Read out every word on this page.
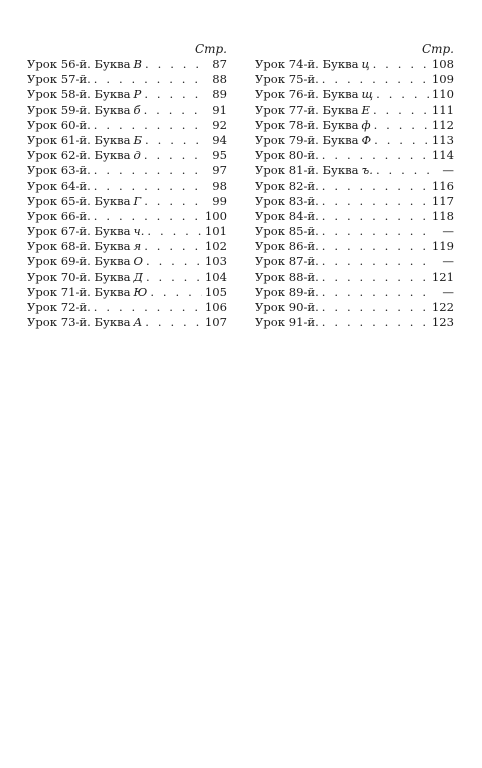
Стр.
Урок 56-й. Буква В . . .	87
Урок 57-й. . . .	88
Урок 58-й. Буква Р . . .	89
Урок 59-й. Буква б . . .	91
Урок 60-й. . . .	92
Урок 61-й. Буква Б . . .	94
Урок 62-й. Буква д . . .	95
Урок 63-й. . . .	97
Урок 64-й. . . .	98
Урок 65-й. Буква Г . . .	99
Урок 66-й. . . .	100
Урок 67-й. Буква ч. . . .	101
Урок 68-й. Буква я . . .	102
Урок 69-й. Буква О . . .	103
Урок 70-й. Буква Д . . .	104
Урок 71-й. Буква Ю . . .	105
Урок 72-й. . . .	106
Урок 73-й. Буква А . . .	107
Стр.
Урок 74-й. Буква ц . . .	108
Урок 75-й. . . .	109
Урок 76-й. Буква щ . . .	110
Урок 77-й. Буква Е . . .	111
Урок 78-й. Буква ф . . .	112
Урок 79-й. Буква Ф . . .	113
Урок 80-й. . . .	114
Урок 81-й. Буква ъ. . . .	—
Урок 82-й. . . .	116
Урок 83-й. . . .	117
Урок 84-й. . . .	118
Урок 85-й. . . .	—
Урок 86-й. . . .	119
Урок 87-й. . . .	—
Урок 88-й. . . .	121
Урок 89-й. . . .	—
Урок 90-й. . . .	122
Урок 91-й. . . .	123
